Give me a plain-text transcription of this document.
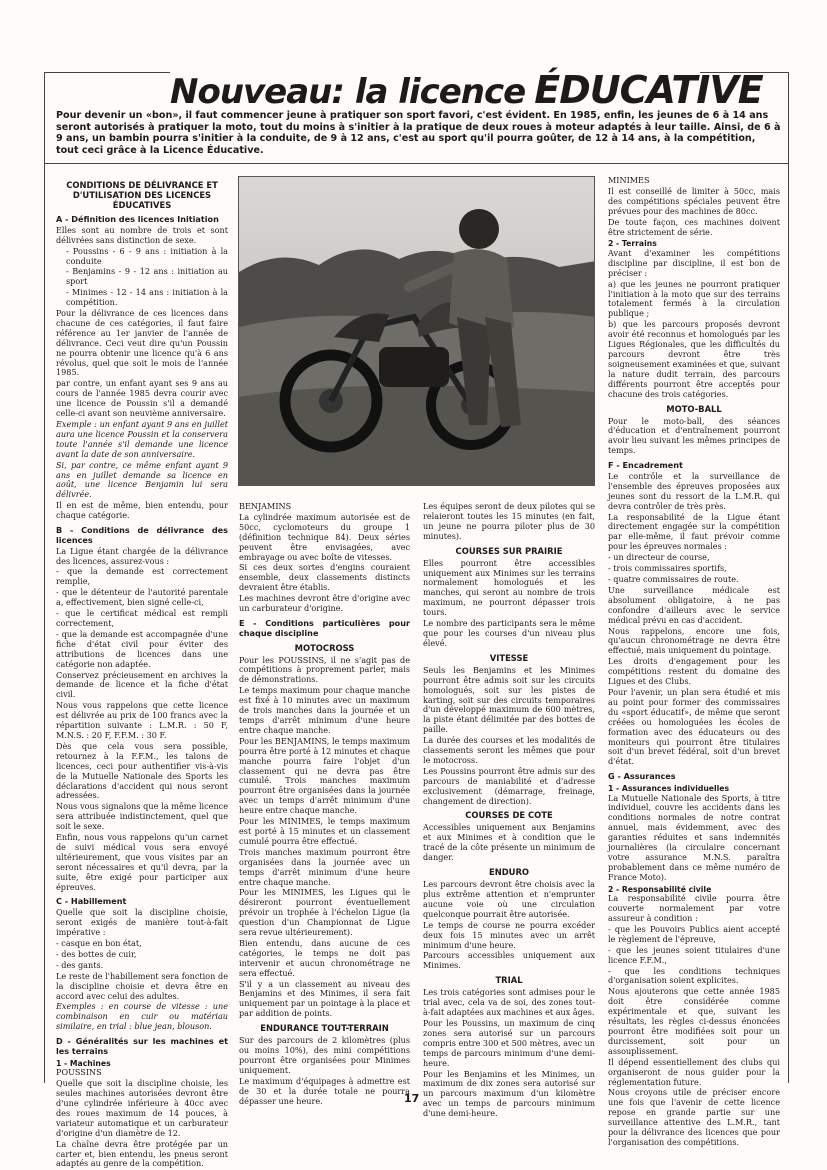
Nouveau: la licence ÉDUCATIVE
Pour devenir un «bon», il faut commencer jeune à pratiquer son sport favori, c'est évident. En 1985, enfin, les jeunes de 6 à 14 ans seront autorisés à pratiquer la moto, tout du moins à s'initier à la pratique de deux roues à moteur adaptés à leur taille. Ainsi, de 6 à 9 ans, un bambin pourra s'initier à la conduite, de 9 à 12 ans, c'est au sport qu'il pourra goûter, de 12 à 14 ans, à la compétition, tout ceci grâce à la Licence Éducative.
CONDITIONS DE DÉLIVRANCE ET D'UTILISATION DES LICENCES ÉDUCATIVES
A - Définition des licences Initiation

Elles sont au nombre de trois et sont délivrées sans distinction de sexe.

- Poussins - 6 - 9 ans : initiation à la conduite

- Benjamins - 9 - 12 ans : initiation au sport

- Minimes - 12 - 14 ans : initiation à la compétition.

Pour la délivrance de ces licences dans chacune de ces catégories, il faut faire référence au 1er janvier de l'année de délivrance. Ceci veut dire qu'un Poussin ne pourra obtenir une licence qu'à 6 ans révolus, quel que soit le mois de l'année 1985.

par contre, un enfant ayant ses 9 ans au cours de l'année 1985 devra courir avec une licence de Poussin s'il a demandé celle-ci avant son neuvième anniversaire.

Exemple : un enfant ayant 9 ans en juillet aura une licence Poussin et la conservera toute l'année s'il demande une licence avant la date de son anniversaire.

Si, par contre, ce même enfant ayant 9 ans en juillet demande sa licence en août, une licence Benjamin lui sera délivrée.

Il en est de même, bien entendu, pour chaque catégorie.

B - Conditions de délivrance des licences

La Ligue étant chargée de la délivrance des licences, assurez-vous :

- que la demande est correctement remplie,

- que le détenteur de l'autorité parentale a, effectivement, bien signé celle-ci,

- que le certificat médical est rempli correctement,

- que la demande est accompagnée d'une fiche d'état civil pour éviter des attributions de licences dans une catégorie non adaptée.

Conservez précieusement en archives la demande de licence et la fiche d'état civil.

Nous vous rappelons que cette licence est délivrée au prix de 100 francs avec la répartition suivante : L.M.R. : 50 F, M.N.S. : 20 F, F.F.M. : 30 F.

Dès que cela vous sera possible, retournez à la F.F.M., les talons de licences, ceci pour authentifier vis-à-vis de la Mutuelle Nationale des Sports les déclarations d'accident qui nous seront adressées.

Nous vous signalons que la même licence sera attribuée indistinctement, quel que soit le sexe.

Enfin, nous vous rappelons qu'un carnet de suivi médical vous sera envoyé ultérieurement, que vous visites par an seront nécessaires et qu'il devra, par la suite, être exigé pour participer aux épreuves.

C - Habillement

Quelle que soit la discipline choisie, seront exigés de manière tout-à-fait impérative :

- casque en bon état,

- des bottes de cuir,

- des gants.

Le reste de l'habillement sera fonction de la discipline choisie et devra être en accord avec celui des adultes.

Exemples : en course de vitesse : une combinaison en cuir ou matériau similaire, en trial : blue jean, blouson.

D - Généralités sur les machines et les terrains
1 - Machines

POUSSINS

Quelle que soit la discipline choisie, les seules machines autorisées devront être d'une cylindrée inférieure à 40cc avec des roues maximum de 14 pouces, à variateur automatique et un carburateur d'origine d'un diamètre de 12.

La chaîne devra être protégée par un carter et, bien entendu, les pneus seront adaptés au genre de la compétition.

BENJAMINS

La cylindrée maximum autorisée est de 50cc, cyclomoteurs du groupe 1 (définition technique 84). Deux séries peuvent être envisagées, avec embrayage ou avec boîte de vitesses.

Si ces deux sortes d'engins couraient ensemble, deux classements distincts devraient être établis.

Les machines devront être d'origine avec un carburateur d'origine.

E - Conditions particulières pour chaque discipline
MOTOCROSS

Pour les POUSSINS, il ne s'agit pas de compétitions à proprement parler, mais de démonstrations.

Le temps maximum pour chaque manche est fixé à 10 minutes avec un maximum de trois manches dans la journée et un temps d'arrêt minimum d'une heure entre chaque manche.

Pour les BENJAMINS, le temps maximum pourra être porté à 12 minutes et chaque manche pourra faire l'objet d'un classement qui ne devra pas être cumulé. Trois manches maximum pourront être organisées dans la journée avec un temps d'arrêt minimum d'une heure entre chaque manche.

Pour les MINIMES, le temps maximum est porté à 15 minutes et un classement cumulé pourra être effectué.

Trois manches maximum pourront être organisées dans la journée avec un temps d'arrêt minimum d'une heure entre chaque manche.

Pour les MINIMES, les Ligues qui le désireront pourront éventuellement prévoir un trophée à l'échelon Ligue (la question d'un Championnat de Ligue sera revue ultérieurement).

Bien entendu, dans aucune de ces catégories, le temps ne doit pas intervenir et aucun chronométrage ne sera effectué.

S'il y a un classement au niveau des Benjamins et des Minimes, il sera fait uniquement par un pointage à la place et par addition de points.

ENDURANCE TOUT-TERRAIN

Sur des parcours de 2 kilomètres (plus ou moins 10%), des mini compétitions pourront être organisées pour Minimes uniquement.

Le maximum d'équipages à admettre est de 30 et la durée totale ne pourra dépasser une heure.

Les équipes seront de deux pilotes qui se relaieront toutes les 15 minutes (en fait, un jeune ne pourra piloter plus de 30 minutes).

COURSES SUR PRAIRIE

Elles pourront être accessibles uniquement aux Minimes sur les terrains normalement homologués et les manches, qui seront au nombre de trois maximum, ne pourront dépasser trois tours.

Le nombre des participants sera le même que pour les courses d'un niveau plus élevé.

VITESSE

Seuls les Benjamins et les Minimes pourront être admis soit sur les circuits homologués, soit sur les pistes de karting, soit sur des circuits temporaires d'un développé maximum de 600 mètres, la piste étant délimitée par des bottes de paille.

La durée des courses et les modalités de classements seront les mêmes que pour le motocross.

Les Poussins pourront être admis sur des parcours de maniabilité et d'adresse exclusivement (démarrage, freinage, changement de direction).

COURSES DE COTE

Accessibles uniquement aux Benjamins et aux Minimes et à condition que le tracé de la côte présente un minimum de danger.

ENDURO

Les parcours devront être choisis avec la plus extrême attention et n'emprunter aucune voie où une circulation quelconque pourrait être autorisée.

Le temps de course ne pourra excéder deux fois 15 minutes avec un arrêt minimum d'une heure.

Parcours accessibles uniquement aux Minimes.

TRIAL

Les trois catégories sont admises pour le trial avec, cela va de soi, des zones tout-à-fait adaptées aux machines et aux âges.

Pour les Poussins, un maximum de cinq zones sera autorisé sur un parcours compris entre 300 et 500 mètres, avec un temps de parcours minimum d'une demi-heure.

Pour les Benjamins et les Minimes, un maximum de dix zones sera autorisé sur un parcours maximum d'un kilomètre avec un temps de parcours minimum d'une demi-heure.

MINIMES

Il est conseillé de limiter à 50cc, mais des compétitions spéciales peuvent être prévues pour des machines de 80cc.

De toute façon, ces machines doivent être strictement de série.

2 - Terrains

Avant d'examiner les compétitions discipline par discipline, il est bon de préciser :

a) que les jeunes ne pourront pratiquer l'initiation à la moto que sur des terrains totalement fermés à la circulation publique ;

b) que les parcours proposés devront avoir été reconnus et homologués par les Ligues Régionales, que les difficultés du parcours devront être très soigneusement examinées et que, suivant la nature dudit terrain, des parcours différents pourront être acceptés pour chacune des trois catégories.

MOTO-BALL

Pour le moto-ball, des séances d'éducation et d'entraînement pourront avoir lieu suivant les mêmes principes de temps.

F - Encadrement

Le contrôle et la surveillance de l'ensemble des épreuves proposées aux jeunes sont du ressort de la L.M.R. qui devra contrôler de très près.

La responsabilité de la Ligue étant directement engagée sur la compétition par elle-même, il faut prévoir comme pour les épreuves normales :

- un directeur de course,

- trois commissaires sportifs,

- quatre commissaires de route.

Une surveillance médicale est absolument obligatoire, à ne pas confondre d'ailleurs avec le service médical prévu en cas d'accident.

Nous rappelons, encore une fois, qu'aucun chronométrage ne devra être effectué, mais uniquement du pointage.

Les droits d'engagement pour les compétitions restent du domaine des Ligues et des Clubs.

Pour l'avenir, un plan sera étudié et mis au point pour former des commissaires du «sport éducatif», de même que seront créées ou homologuées les écoles de formation avec des éducateurs ou des moniteurs qui pourront être titulaires soit d'un brevet fédéral, soit d'un brevet d'état.

G - Assurances
1 - Assurances individuelles

La Mutuelle Nationale des Sports, à titre individuel, couvre les accidents dans les conditions normales de notre contrat annuel, mais évidemment, avec des garanties réduites et sans indemnités journalières (la circulaire concernant votre assurance M.N.S. paraîtra probablement dans ce même numéro de France Moto).

2 - Responsabilité civile

La responsabilité civile pourra être couverte normalement par votre assureur à condition :

- que les Pouvoirs Publics aient accepté le règlement de l'épreuve,

- que les jeunes soient titulaires d'une licence F.F.M.,

- que les conditions techniques d'organisation soient explicites.

Nous ajouterons que cette année 1985 doit être considérée comme expérimentale et que, suivant les résultats, les règles ci-dessus énoncées pourront être modifiées soit pour un durcissement, soit pour un assouplissement.

Il dépend essentiellement des clubs qui organiseront de nous guider pour la réglementation future.

Nous croyons utile de préciser encore une fois que l'avenir de cette licence repose en grande partie sur une surveillance attentive des L.M.R., tant pour la délivrance des licences que pour l'organisation des compétitions.

17
